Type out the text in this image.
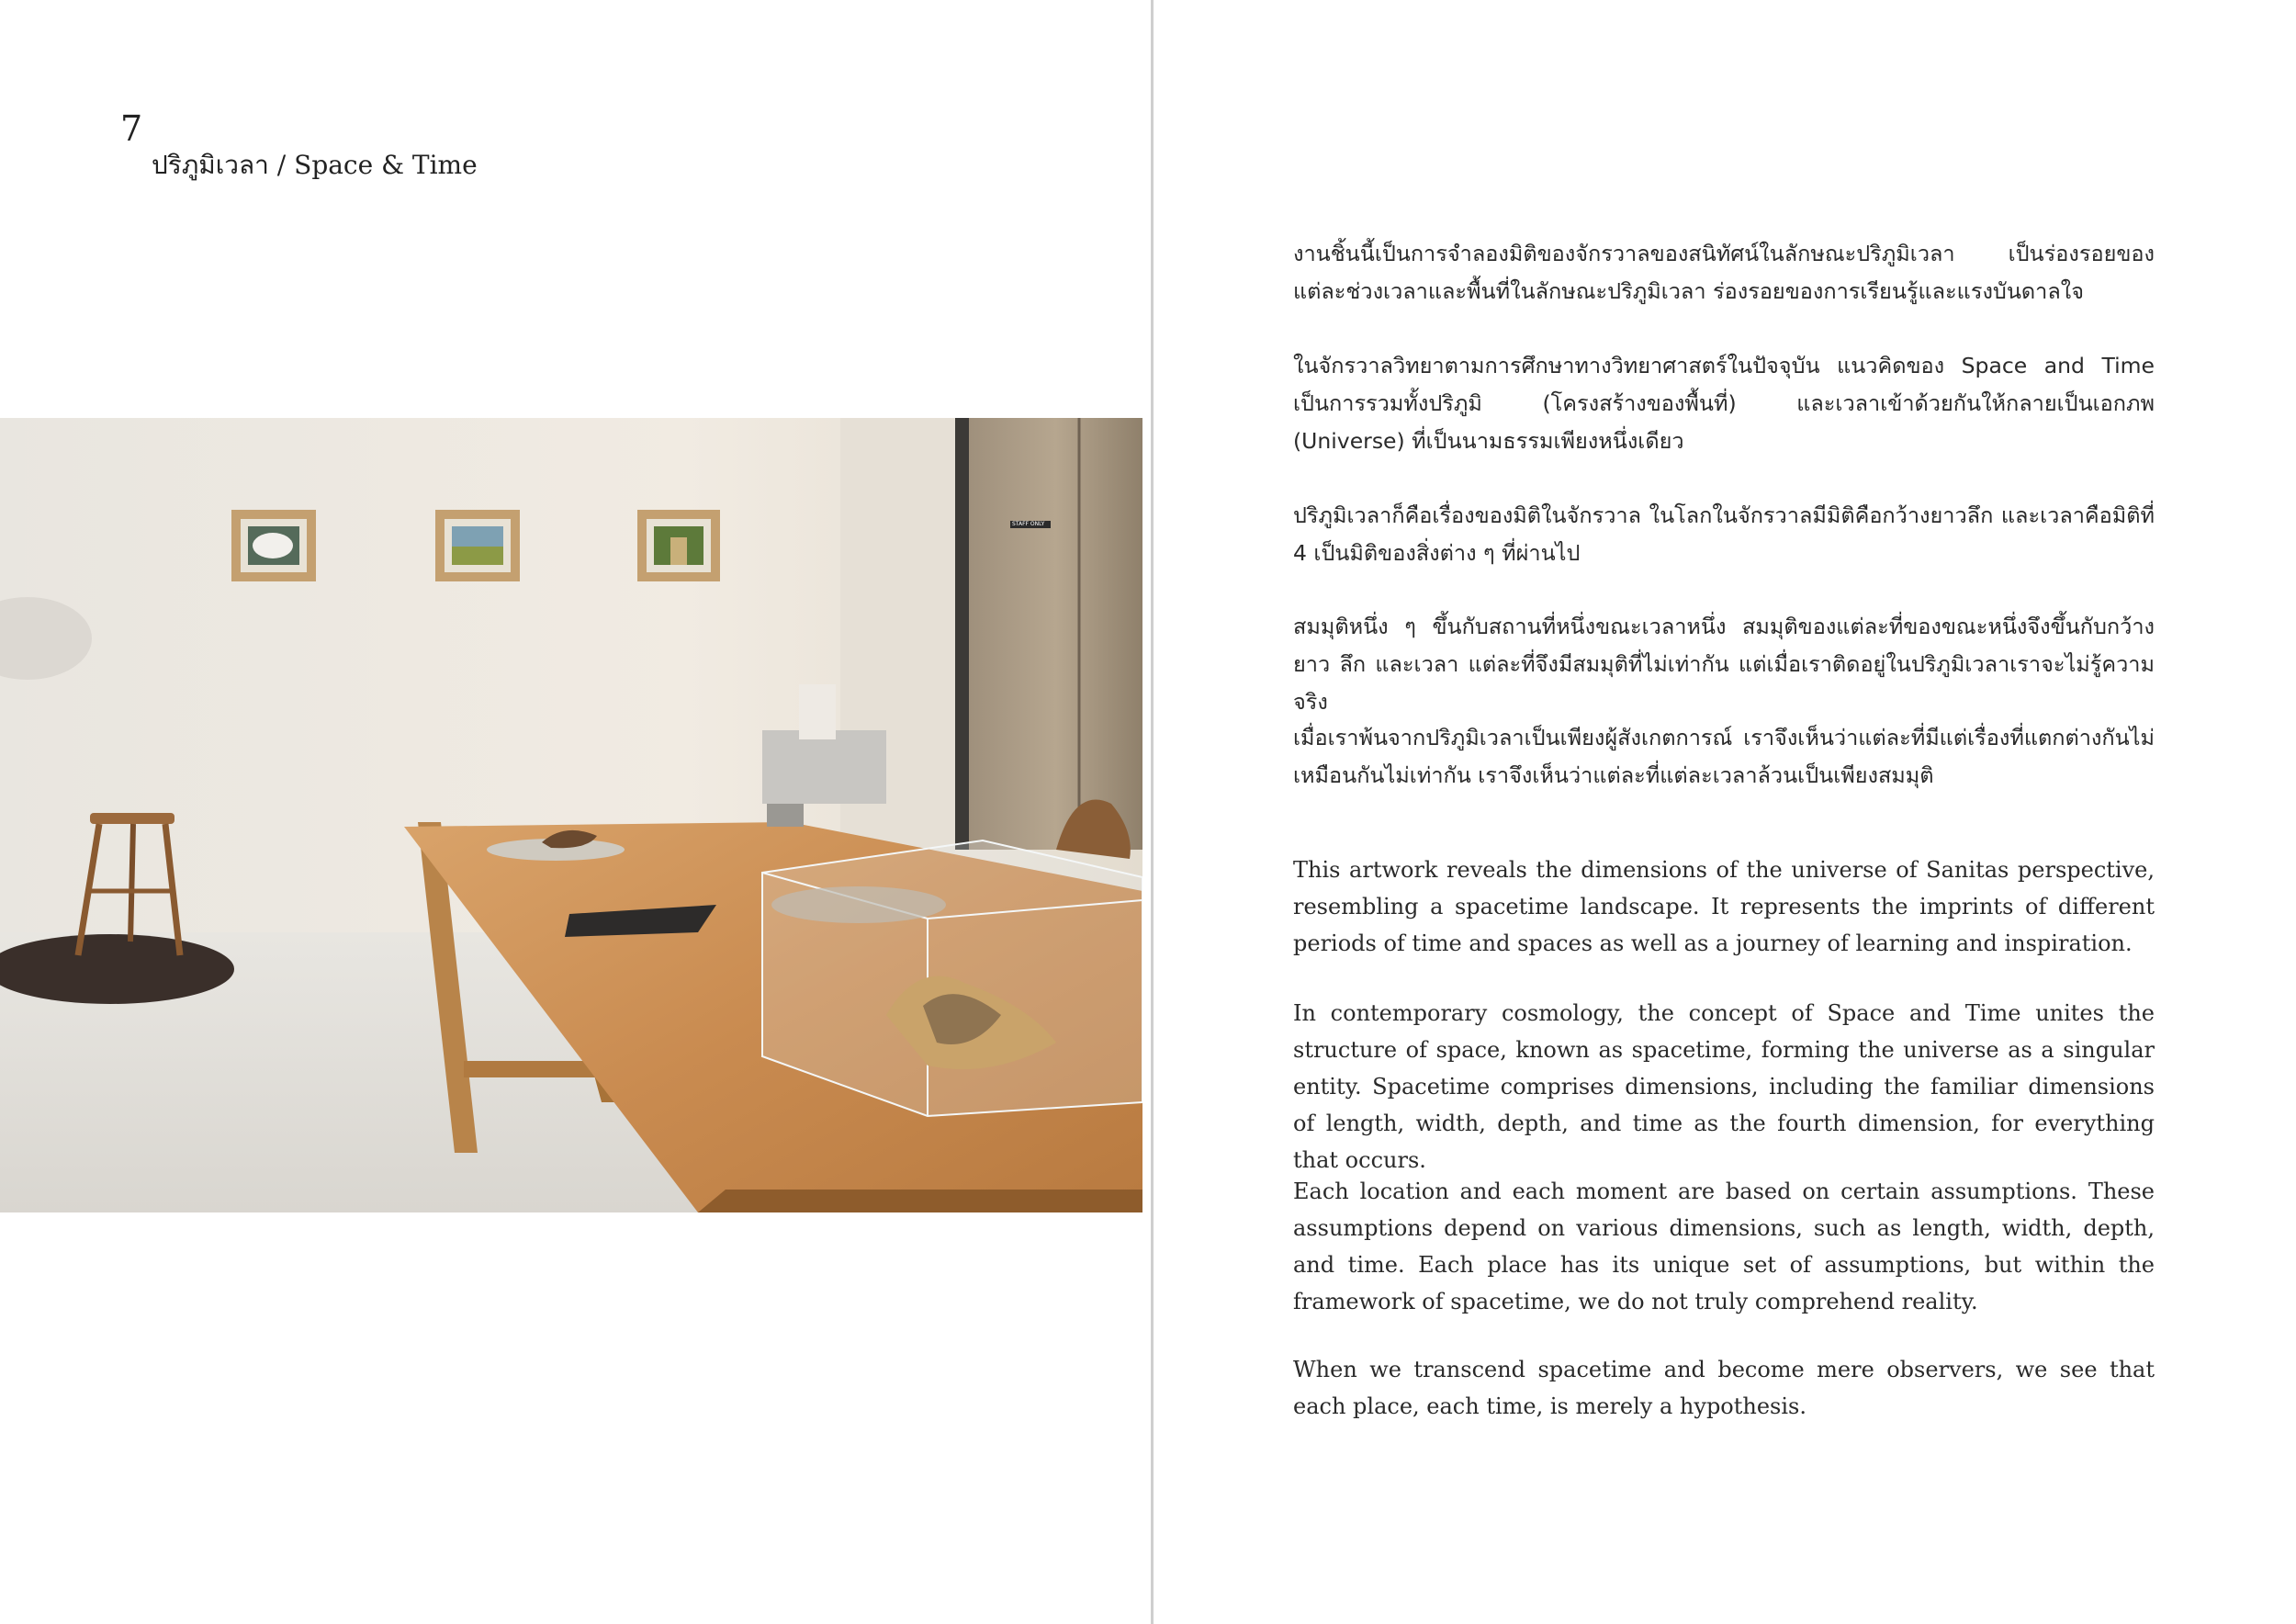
7
ปริภูมิเวลา / Space & Time
STAFF ONLY

งานชิ้นนี้เป็นการจำลองมิติของจักรวาลของสนิทัศน์ในลักษณะปริภูมิเวลา เป็นร่องรอยของแต่ละช่วงเวลาและพื้นที่ในลักษณะปริภูมิเวลา ร่องรอยของการเรียนรู้และแรงบันดาลใจ

ในจักรวาลวิทยาตามการศึกษาทางวิทยาศาสตร์ในปัจจุบัน แนวคิดของ Space and Time เป็นการรวมทั้งปริภูมิ (โครงสร้างของพื้นที่) และเวลาเข้าด้วยกันให้กลายเป็นเอกภพ (Universe) ที่เป็นนามธรรมเพียงหนึ่งเดียว

ปริภูมิเวลาก็คือเรื่องของมิติในจักรวาล ในโลกในจักรวาลมีมิติคือกว้างยาวลึก และเวลาคือมิติที่ 4 เป็นมิติของสิ่งต่าง ๆ ที่ผ่านไป

สมมุติหนึ่ง ๆ ขึ้นกับสถานที่หนึ่งขณะเวลาหนึ่ง สมมุติของแต่ละที่ของขณะหนึ่งจึงขึ้นกับกว้าง ยาว ลึก และเวลา แต่ละที่จึงมีสมมุติที่ไม่เท่ากัน แต่เมื่อเราติดอยู่ในปริภูมิเวลาเราจะไม่รู้ความจริง

เมื่อเราพ้นจากปริภูมิเวลาเป็นเพียงผู้สังเกตการณ์ เราจึงเห็นว่าแต่ละที่มีแต่เรื่องที่แตกต่างกันไม่เหมือนกันไม่เท่ากัน เราจึงเห็นว่าแต่ละที่แต่ละเวลาล้วนเป็นเพียงสมมุติ

This artwork reveals the dimensions of the universe of Sanitas perspective, resembling a spacetime landscape. It represents the imprints of different periods of time and spaces as well as a journey of learning and inspiration.

In contemporary cosmology, the concept of Space and Time unites the structure of space, known as spacetime, forming the universe as a singular entity. Spacetime comprises dimensions, including the familiar dimensions of length, width, depth, and time as the fourth dimension, for everything that occurs.

Each location and each moment are based on certain assumptions. These assumptions depend on various dimensions, such as length, width, depth, and time. Each place has its unique set of assumptions, but within the framework of spacetime, we do not truly comprehend reality.

When we transcend spacetime and become mere observers, we see that each place, each time, is merely a hypothesis.
